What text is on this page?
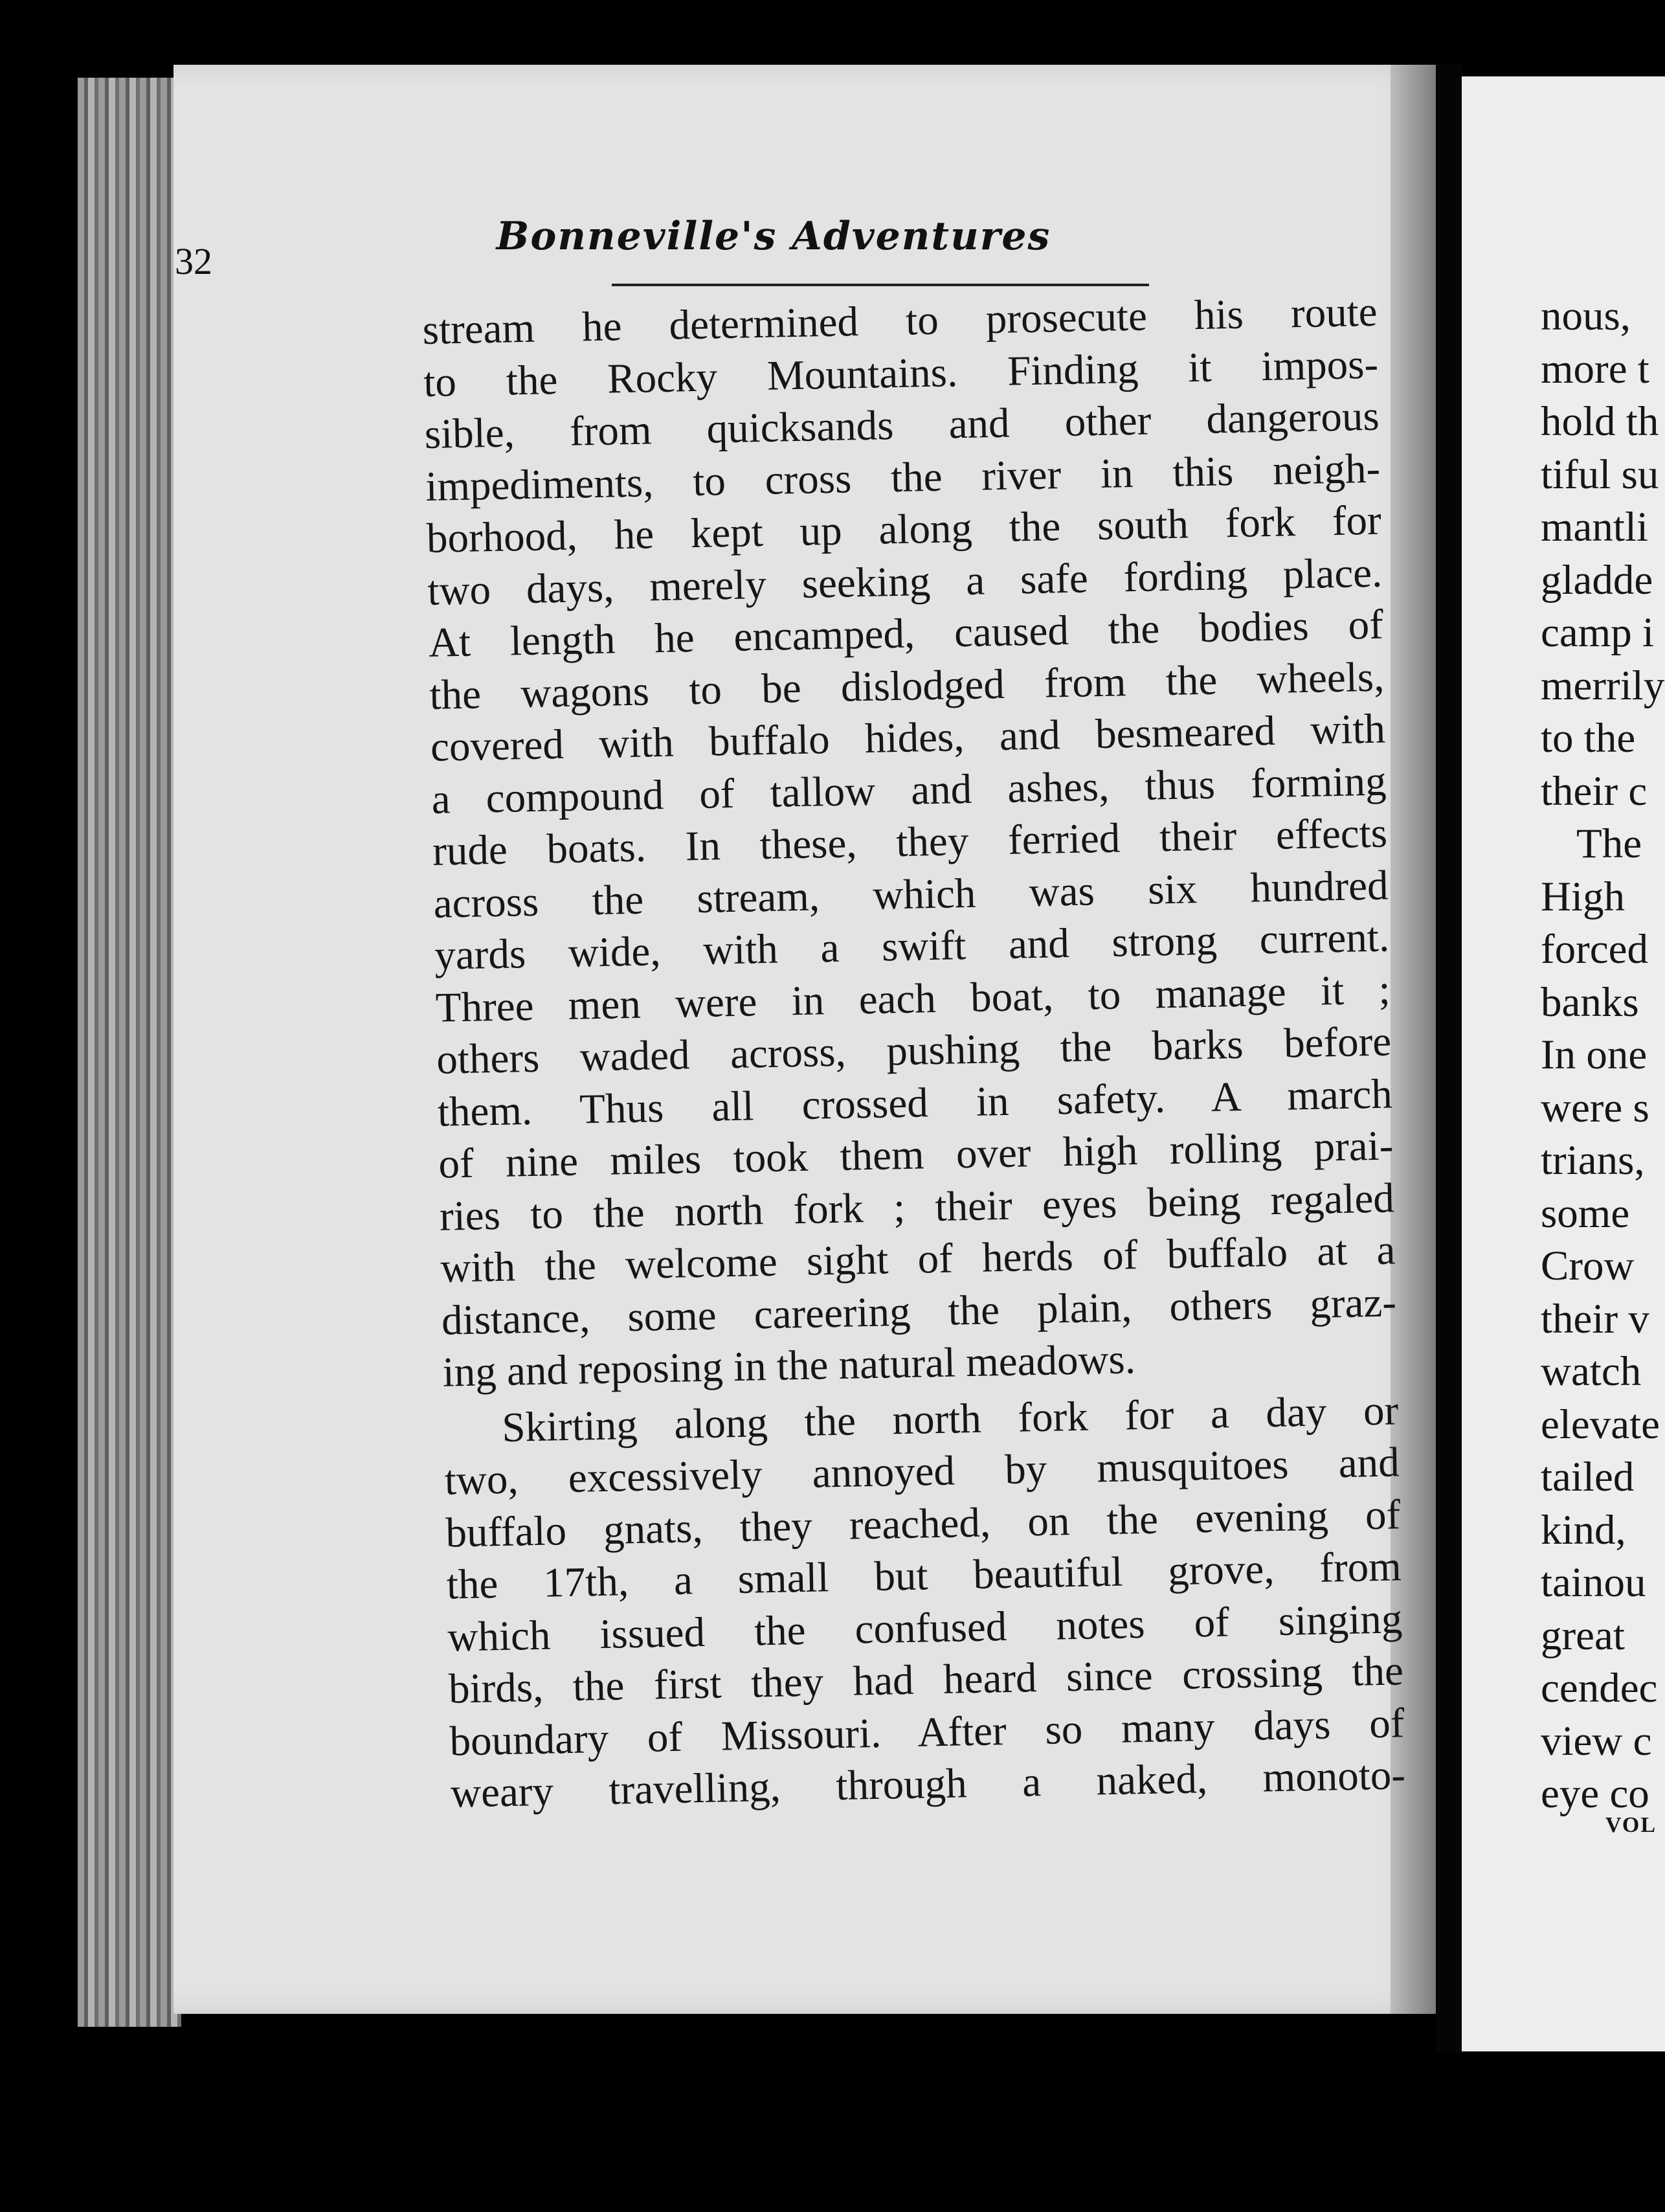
32
Bonneville's Adventures
stream he determined to prosecute his route
to the Rocky Mountains. Finding it impos-
sible, from quicksands and other dangerous
impediments, to cross the river in this neigh-
borhood, he kept up along the south fork for
two days, merely seeking a safe fording place.
At length he encamped, caused the bodies of
the wagons to be dislodged from the wheels,
covered with buffalo hides, and besmeared with
a compound of tallow and ashes, thus forming
rude boats. In these, they ferried their effects
across the stream, which was six hundred
yards wide, with a swift and strong current.
Three men were in each boat, to manage it ;
others waded across, pushing the barks before
them. Thus all crossed in safety. A march
of nine miles took them over high rolling prai-
ries to the north fork ; their eyes being regaled
with the welcome sight of herds of buffalo at a
distance, some careering the plain, others graz-
ing and reposing in the natural meadows.
Skirting along the north fork for a day or
two, excessively annoyed by musquitoes and
buffalo gnats, they reached, on the evening of
the 17th, a small but beautiful grove, from
which issued the confused notes of singing
birds, the first they had heard since crossing the
boundary of Missouri. After so many days of
weary travelling, through a naked, monoto-
nous,
more t
hold th
tiful su
mantli
gladde
camp i
merrily
to the
their c
The
High
forced
banks
In one
were s
trians,
some
Crow
their v
watch
elevate
tailed
kind,
tainou
great
cendec
view c
eye co
VOL
